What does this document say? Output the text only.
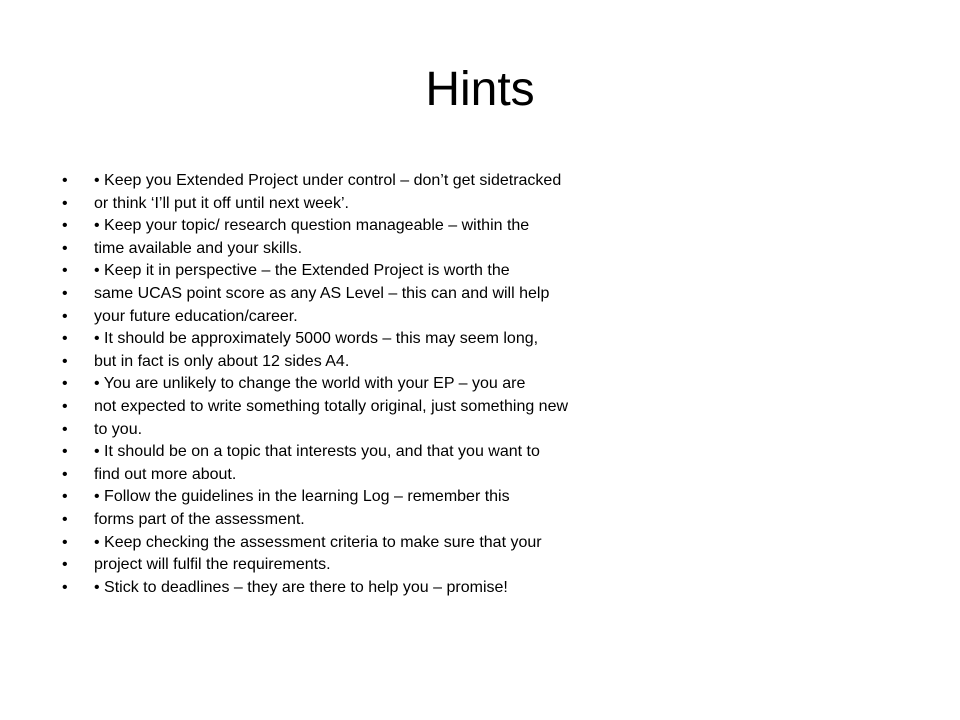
Hints
•	• Keep you Extended Project under control – don’t get sidetracked
•	or think ‘I’ll put it off until next week’.
•	• Keep your topic/ research question manageable – within the
•	time available and your skills.
•	• Keep it in perspective – the Extended Project is worth the
•	same UCAS point score as any AS Level – this can and will help
•	your future education/career.
•	• It should be approximately 5000 words – this may seem long,
•	but in fact is only about 12 sides A4.
•	• You are unlikely to change the world with your EP – you are
•	not expected to write something totally original, just something new
•	to you.
•	• It should be on a topic that interests you, and that you want to
•	find out more about.
•	• Follow the guidelines in the learning Log – remember this
•	forms part of the assessment.
•	• Keep checking the assessment criteria to make sure that your
•	project will fulfil the requirements.
•	• Stick to deadlines – they are there to help you – promise!
